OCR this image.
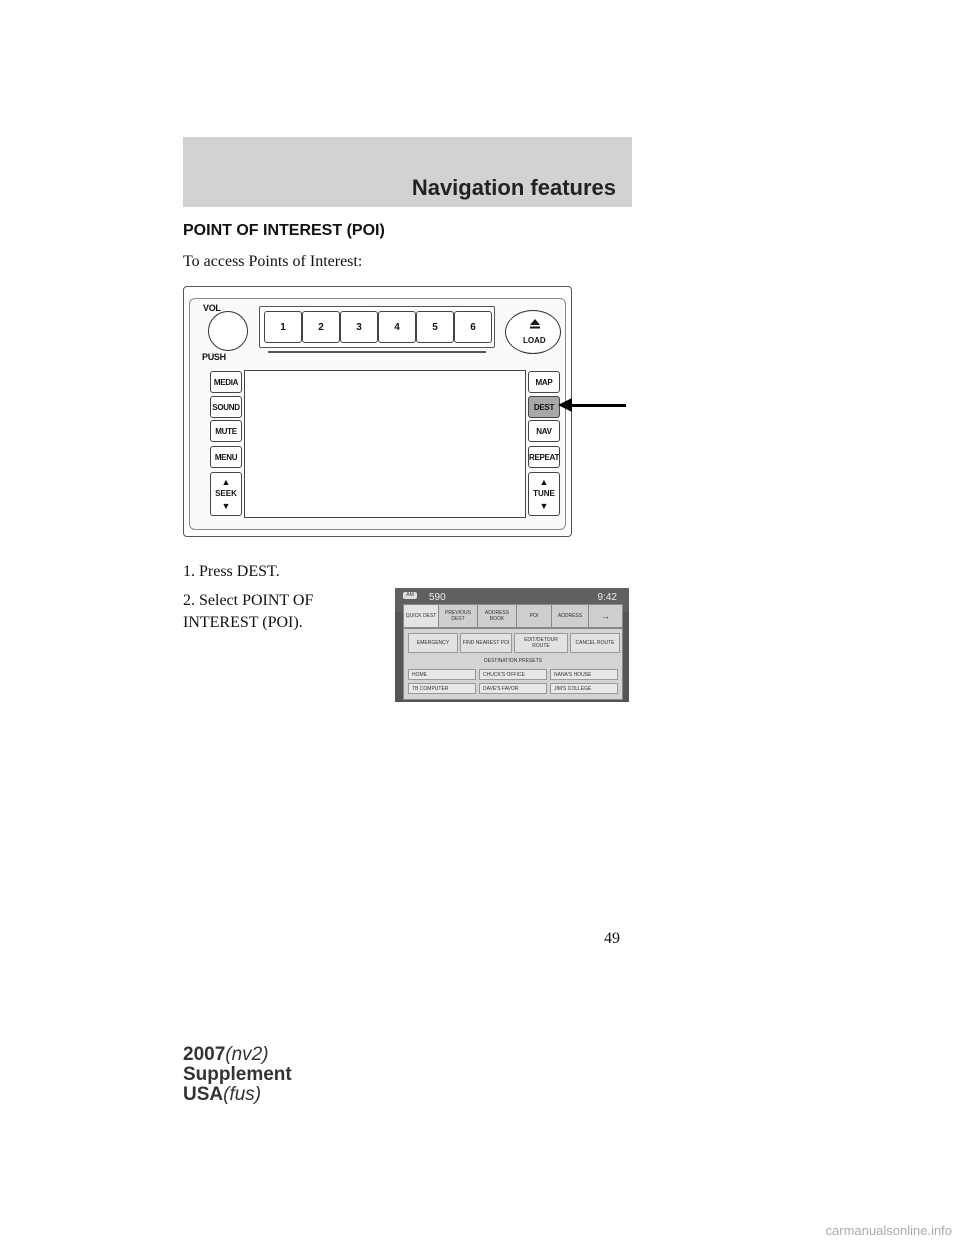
Navigation features
POINT OF INTEREST (POI)
To access Points of Interest:
VOL
PUSH
1	2	3	4	5	6
LOAD
MEDIA
SOUND
MUTE
MENU
▲
SEEK
▼
MAP
DEST
NAV
REPEAT
▲
TUNE
▼
1. Press DEST.
2. Select POINT OF INTEREST (POI).
AM	590	9:42
QUICK DEST	PREVIOUS DEST
ADDRESS BOOK	POI	ADDRESS	→
EMERGENCY	FIND NEAREST POI	EDIT/DETOUR ROUTE	CANCEL ROUTE
DESTINATION PRESETS
HOME	CHUCK'S OFFICE	NANA'S HOUSE
TB COMPUTER	DAVE'S FAVOR	JIM'S COLLEGE
49
2007(nv2)
Supplement
USA(fus)
carmanualsonline.info
